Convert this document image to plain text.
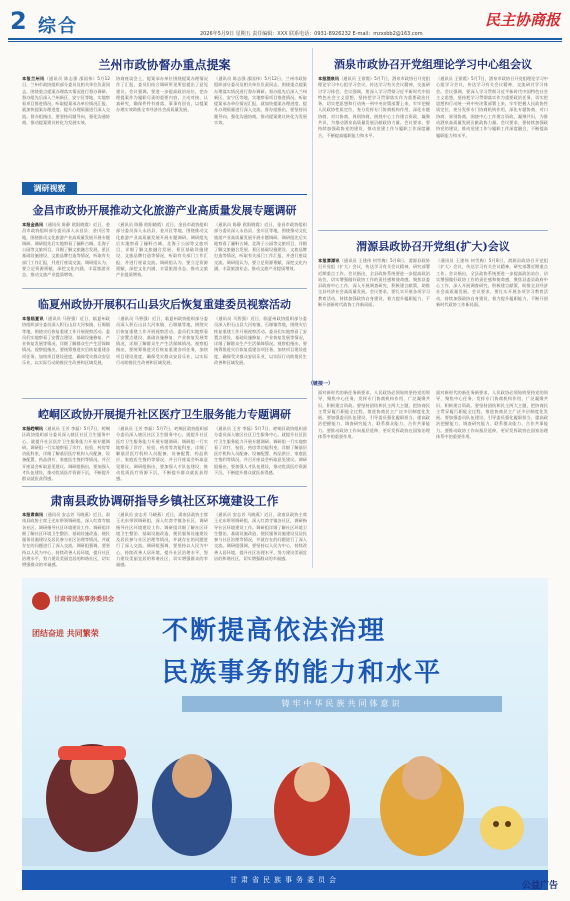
2 综合	2026年5月9日 星期五 责任编辑：XXX 联系电话：0931-8926232 E-mail：mzxsbb2@163.com
民主协商报
兰州市政协督办重点提案
本报兰州讯（通讯员 陈志强 邵国伟）5月12日，兰州市政协组织部分委员及相关单位负责同志，围绕重点提案办理落实情况进行督办调研。督办组先后深入兰州新区、安宁区等地，实地察看项目推进情况，听取提案承办单位情况汇报，就加快提案办理进度、提升办理质量进行深入交流。督办组指出，要坚持问题导向，强化沟通协商，推动提案建议转化为发展实效。
协商座谈会上，提案承办单位围绕提案办理情况作了汇报，委员们结合调研所见所思提出了意见建议。会议强调，要进一步提高政治站位，把办理提案作为履职尽责的重要内容，主动对接、认真研究，确保件件有着落、事事有回音，以提案办理实效助推全市经济社会高质量发展。
（通讯员 陈志强 邵国伟）5月12日，兰州市政协组织部分委员及相关单位负责同志，围绕重点提案办理落实情况进行督办调研。督办组先后深入兰州新区、安宁区等地，实地察看项目推进情况，听取提案承办单位情况汇报，就加快提案办理进度、提升办理质量进行深入交流。督办组指出，要坚持问题导向，强化沟通协商，推动提案建议转化为发展实效。
调研视察
金昌市政协开展推动文化旅游产业高质量发展专题调研
本报金昌讯（通讯员 陈静 欧阳晓霞）近日，金昌市政协组织部分委员深入永昌县、金川区等地，围绕推动文化旅游产业高质量发展开展专题调研。调研组先后实地察看了骊靬古城、北海子公园等文旅项目，详细了解文旅融合发展、景区基础设施建设、文旅品牌打造等情况，听取有关部门工作汇报，并进行座谈交流。调研组认为，要立足资源禀赋，深挖文化内涵，丰富旅游业态，推动文旅产业提质增效。
（通讯员 陈静 欧阳晓霞）近日，金昌市政协组织部分委员深入永昌县、金川区等地，围绕推动文化旅游产业高质量发展开展专题调研。调研组先后实地察看了骊靬古城、北海子公园等文旅项目，详细了解文旅融合发展、景区基础设施建设、文旅品牌打造等情况，听取有关部门工作汇报，并进行座谈交流。调研组认为，要立足资源禀赋，深挖文化内涵，丰富旅游业态，推动文旅产业提质增效。
（通讯员 陈静 欧阳晓霞）近日，金昌市政协组织部分委员深入永昌县、金川区等地，围绕推动文化旅游产业高质量发展开展专题调研。调研组先后实地察看了骊靬古城、北海子公园等文旅项目，详细了解文旅融合发展、景区基础设施建设、文旅品牌打造等情况，听取有关部门工作汇报，并进行座谈交流。调研组认为，要立足资源禀赋，深挖文化内涵，丰富旅游业态，推动文旅产业提质增效。
临夏州政协开展积石山县灾后恢复重建委员视察活动
本报临夏讯（通讯员 马智强）近日，临夏州政协组织部分委员深入积石山县大河家镇、石塬镇等地，围绕灾后恢复重建工作开展视察活动。委员们实地察看了安置点建设、基础设施修复、产业恢复发展等情况，详细了解群众生产生活保障情况。视察组指出，要统筹推进灾后恢复重建各项任务，加快项目建设进度，确保受灾群众安居乐业，以实际行动助推民生改善和区域发展。
（通讯员 马智强）近日，临夏州政协组织部分委员深入积石山县大河家镇、石塬镇等地，围绕灾后恢复重建工作开展视察活动。委员们实地察看了安置点建设、基础设施修复、产业恢复发展等情况，详细了解群众生产生活保障情况。视察组指出，要统筹推进灾后恢复重建各项任务，加快项目建设进度，确保受灾群众安居乐业，以实际行动助推民生改善和区域发展。
（通讯员 马智强）近日，临夏州政协组织部分委员深入积石山县大河家镇、石塬镇等地，围绕灾后恢复重建工作开展视察活动。委员们实地察看了安置点建设、基础设施修复、产业恢复发展等情况，详细了解群众生产生活保障情况。视察组指出，要统筹推进灾后恢复重建各项任务，加快项目建设进度，确保受灾群众安居乐业，以实际行动助推民生改善和区域发展。
崆峒区政协开展提升社区医疗卫生服务能力专题调研
本报崆峒讯（通讯员 王芳 李磊）5月7日，崆峒区政协组织部分委员深入辖区社区卫生服务中心，就提升社区医疗卫生服务能力开展专题调研。调研组一行实地察看了诊疗、检验、药房等功能科室，详细了解基层医疗机构人员配备、设备配置、药品供应、家庭医生签约等情况，并召开座谈会听取意见建议。调研组指出，要加强人才队伍建设，推动优质医疗资源下沉，不断提升群众就医获得感。
（通讯员 王芳 李磊）5月7日，崆峒区政协组织部分委员深入辖区社区卫生服务中心，就提升社区医疗卫生服务能力开展专题调研。调研组一行实地察看了诊疗、检验、药房等功能科室，详细了解基层医疗机构人员配备、设备配置、药品供应、家庭医生签约等情况，并召开座谈会听取意见建议。调研组指出，要加强人才队伍建设，推动优质医疗资源下沉，不断提升群众就医获得感。
（通讯员 王芳 李磊）5月7日，崆峒区政协组织部分委员深入辖区社区卫生服务中心，就提升社区医疗卫生服务能力开展专题调研。调研组一行实地察看了诊疗、检验、药房等功能科室，详细了解基层医疗机构人员配备、设备配置、药品供应、家庭医生签约等情况，并召开座谈会听取意见建议。调研组指出，要加强人才队伍建设，推动优质医疗资源下沉，不断提升群众就医获得感。
肃南县政协调研指导乡镇社区环境建设工作
本报肃南讯（通讯员 安志芳 马晓燕）近日，肃南县政协主席王光东带领调研组，深入红湾寺镇各社区，调研指导社区环境建设工作。调研组详细了解社区环境卫生整治、基础设施改造、便民服务设施建设及居民参与社区治理等情况，并就存在的问题进行了深入交流。调研组强调，要坚持以人民为中心，持续改善人居环境，提升社区治理水平，努力建设美丽宜居的和谐社区，切实增强群众的幸福感。
（通讯员 安志芳 马晓燕）近日，肃南县政协主席王光东带领调研组，深入红湾寺镇各社区，调研指导社区环境建设工作。调研组详细了解社区环境卫生整治、基础设施改造、便民服务设施建设及居民参与社区治理等情况，并就存在的问题进行了深入交流。调研组强调，要坚持以人民为中心，持续改善人居环境，提升社区治理水平，努力建设美丽宜居的和谐社区，切实增强群众的幸福感。
（通讯员 安志芳 马晓燕）近日，肃南县政协主席王光东带领调研组，深入红湾寺镇各社区，调研指导社区环境建设工作。调研组详细了解社区环境卫生整治、基础设施改造、便民服务设施建设及居民参与社区治理等情况，并就存在的问题进行了深入交流。调研组强调，要坚持以人民为中心，持续改善人居环境，提升社区治理水平，努力建设美丽宜居的和谐社区，切实增强群众的幸福感。
酒泉市政协召开党组理论学习中心组会议
本报酒泉讯（通讯员 王银霞）5月7日，酒泉市政协召开党组理论学习中心组学习会议，传达学习有关会议精神，交流研讨学习体会。会议强调，要深入学习贯彻习近平新时代中国特色社会主义思想，坚持把学习贯彻落实作为重要政治任务，切实把思想和行动统一到中央决策部署上来，牢牢把握人民政协性质定位，充分发挥专门协商机构作用，深化专题协商、对口协商、界别协商，围绕中心工作建言资政、凝聚共识，为推动酒泉高质量发展贡献政协力量。会议要求，要持续加强政协党的建设，推动党建工作与履职工作深度融合，不断提高履职能力和水平。
（通讯员 王银霞）5月7日，酒泉市政协召开党组理论学习中心组学习会议，传达学习有关会议精神，交流研讨学习体会。会议强调，要深入学习贯彻习近平新时代中国特色社会主义思想，坚持把学习贯彻落实作为重要政治任务，切实把思想和行动统一到中央决策部署上来，牢牢把握人民政协性质定位，充分发挥专门协商机构作用，深化专题协商、对口协商、界别协商，围绕中心工作建言资政、凝聚共识，为推动酒泉高质量发展贡献政协力量。会议要求，要持续加强政协党的建设，推动党建工作与履职工作深度融合，不断提高履职能力和水平。
渭源县政协召开党组(扩大)会议
本报渭源讯（通讯员 王建伟 何雪梅）5月8日，渭源县政协召开党组（扩大）会议，传达学习有关会议精神，研究部署近期重点工作。会议指出，全县政协系统要进一步提高政治站位，切实增强做好政协工作的责任感和使命感，聚焦县委县政府中心工作，深入开展调查研究，积极建言献策，助推全县经济社会高质量发展。会议要求，要扎实开展各项学习教育活动，持续加强政协自身建设，着力提升履职能力，不断开创新时代政协工作新局面。
（通讯员 王建伟 何雪梅）5月8日，渭源县政协召开党组（扩大）会议，传达学习有关会议精神，研究部署近期重点工作。会议指出，全县政协系统要进一步提高政治站位，切实增强做好政协工作的责任感和使命感，聚焦县委县政府中心工作，深入开展调查研究，积极建言献策，助推全县经济社会高质量发展。会议要求，要扎实开展各项学习教育活动，持续加强政协自身建设，着力提升履职能力，不断开创新时代政协工作新局面。
（链接一）
面对新时代的新任务新要求，人民政协必须始终坚持党的领导，聚焦中心任务，发挥专门协商机构作用，广泛凝聚共识，积极建言资政。要坚持团结和民主两大主题，把协商民主贯穿履行职能全过程，推进协商民主广泛多层制度化发展。要加强委员队伍建设，引导委员强化履职担当，提高政治把握能力、调查研究能力、联系群众能力、合作共事能力。要推动政协工作向基层延伸，更好发挥政协在国家治理体系中的重要作用。
面对新时代的新任务新要求，人民政协必须始终坚持党的领导，聚焦中心任务，发挥专门协商机构作用，广泛凝聚共识，积极建言资政。要坚持团结和民主两大主题，把协商民主贯穿履行职能全过程，推进协商民主广泛多层制度化发展。要加强委员队伍建设，引导委员强化履职担当，提高政治把握能力、调查研究能力、联系群众能力、合作共事能力。要推动政协工作向基层延伸，更好发挥政协在国家治理体系中的重要作用。
甘肃省民族事务委员会
团结奋进 共同繁荣 不断提高依法治理
民族事务的能力和水平
铸牢中华民族共同体意识
甘肃省民族事务委员会
公益广告
